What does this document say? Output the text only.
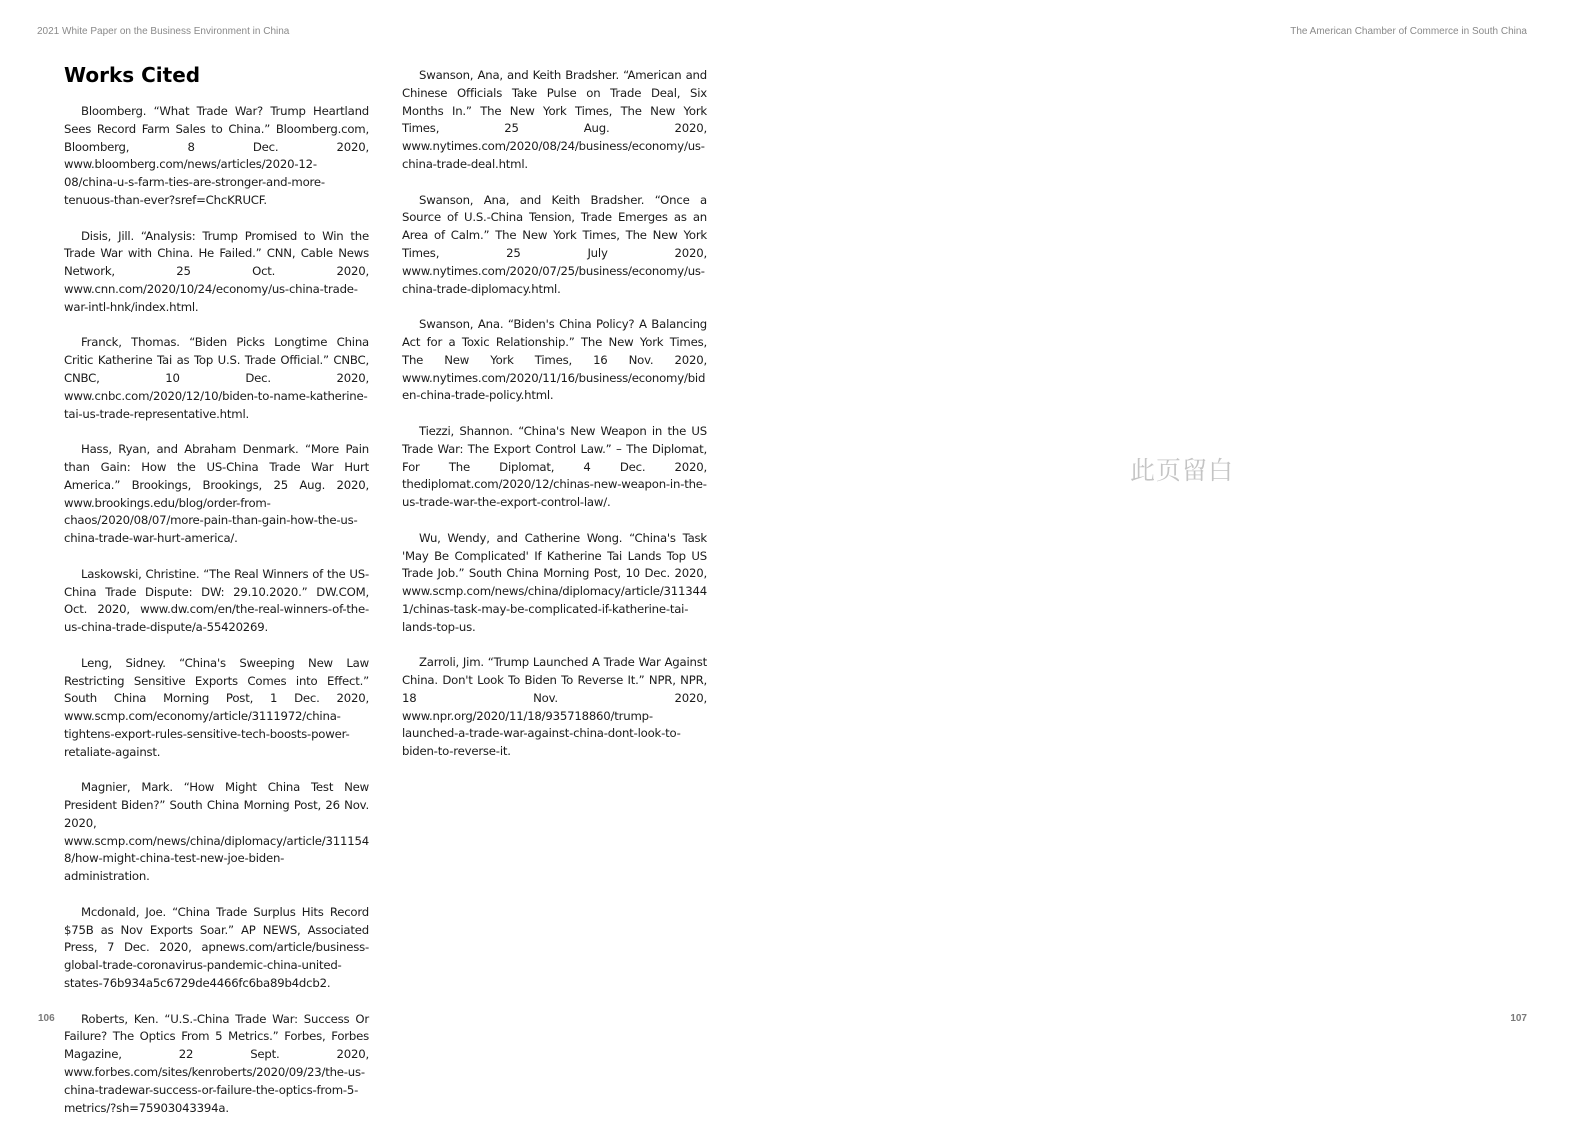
2021 White Paper on the Business Environment in China	The American Chamber of Commerce in South China
Works Cited

Bloomberg. “What Trade War? Trump Heartland Sees Record Farm Sales to China.” Bloomberg.com, Bloomberg, 8 Dec. 2020, www.bloomberg.com/news/articles/2020-12-08/china-u-s-farm-ties-are-stronger-and-more-tenuous-than-ever?sref=ChcKRUCF.

Disis, Jill. “Analysis: Trump Promised to Win the Trade War with China. He Failed.” CNN, Cable News Network, 25 Oct. 2020, www.cnn.com/2020/10/24/economy/us-china-trade-war-intl-hnk/index.html.

Franck, Thomas. “Biden Picks Longtime China Critic Katherine Tai as Top U.S. Trade Official.” CNBC, CNBC, 10 Dec. 2020, www.cnbc.com/2020/12/10/biden-to-name-katherine-tai-us-trade-representative.html.

Hass, Ryan, and Abraham Denmark. “More Pain than Gain: How the US-China Trade War Hurt America.” Brookings, Brookings, 25 Aug. 2020, www.brookings.edu/blog/order-from-chaos/2020/08/07/more-pain-than-gain-how-the-us-china-trade-war-hurt-america/.

Laskowski, Christine. “The Real Winners of the US-China Trade Dispute: DW: 29.10.2020.” DW.COM, Oct. 2020, www.dw.com/en/the-real-winners-of-the-us-china-trade-dispute/a-55420269.

Leng, Sidney. “China's Sweeping New Law Restricting Sensitive Exports Comes into Effect.” South China Morning Post, 1 Dec. 2020, www.scmp.com/economy/article/3111972/china-tightens-export-rules-sensitive-tech-boosts-power-retaliate-against.

Magnier, Mark. “How Might China Test New President Biden?” South China Morning Post, 26 Nov. 2020, www.scmp.com/news/china/diplomacy/article/3111548/how-might-china-test-new-joe-biden-administration.

Mcdonald, Joe. “China Trade Surplus Hits Record $75B as Nov Exports Soar.” AP NEWS, Associated Press, 7 Dec. 2020, apnews.com/article/business-global-trade-coronavirus-pandemic-china-united-states-76b934a5c6729de4466fc6ba89b4dcb2.

Roberts, Ken. “U.S.-China Trade War: Success Or Failure? The Optics From 5 Metrics.” Forbes, Forbes Magazine, 22 Sept. 2020, www.forbes.com/sites/kenroberts/2020/09/23/the-us-china-tradewar-success-or-failure-the-optics-from-5-metrics/?sh=75903043394a.

Swanson, Ana, and Keith Bradsher. “American and Chinese Officials Take Pulse on Trade Deal, Six Months In.” The New York Times, The New York Times, 25 Aug. 2020, www.nytimes.com/2020/08/24/business/economy/us-china-trade-deal.html.

Swanson, Ana, and Keith Bradsher. “Once a Source of U.S.-China Tension, Trade Emerges as an Area of Calm.” The New York Times, The New York Times, 25 July 2020, www.nytimes.com/2020/07/25/business/economy/us-china-trade-diplomacy.html.

Swanson, Ana. “Biden's China Policy? A Balancing Act for a Toxic Relationship.” The New York Times, The New York Times, 16 Nov. 2020, www.nytimes.com/2020/11/16/business/economy/biden-china-trade-policy.html.

Tiezzi, Shannon. “China's New Weapon in the US Trade War: The Export Control Law.” – The Diplomat, For The Diplomat, 4 Dec. 2020, thediplomat.com/2020/12/chinas-new-weapon-in-the-us-trade-war-the-export-control-law/.

Wu, Wendy, and Catherine Wong. “China's Task 'May Be Complicated' If Katherine Tai Lands Top US Trade Job.” South China Morning Post, 10 Dec. 2020, www.scmp.com/news/china/diplomacy/article/3113441/chinas-task-may-be-complicated-if-katherine-tai-lands-top-us.

Zarroli, Jim. “Trump Launched A Trade War Against China. Don't Look To Biden To Reverse It.” NPR, NPR, 18 Nov. 2020, www.npr.org/2020/11/18/935718860/trump-launched-a-trade-war-against-china-dont-look-to-biden-to-reverse-it.

此页留白
106	107
